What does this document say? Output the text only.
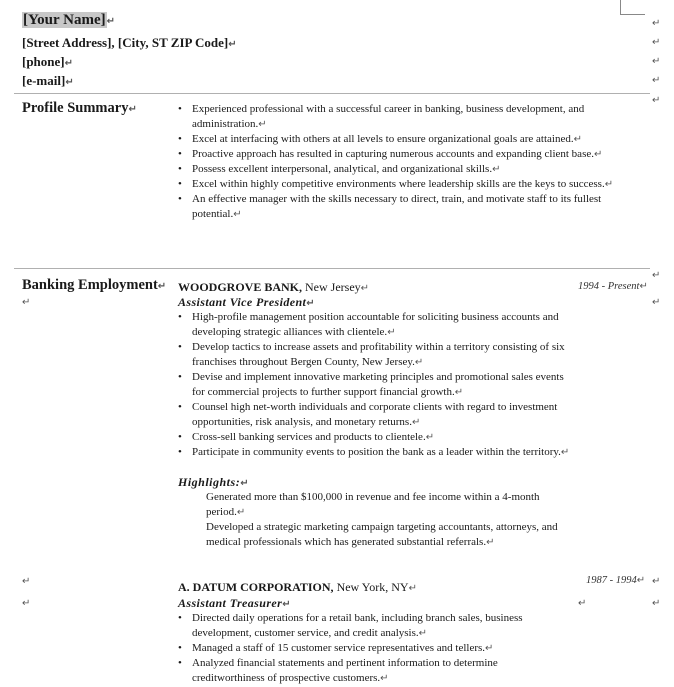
[Your Name]↵
[Street Address], [City, ST ZIP Code]↵
[phone]↵
[e-mail]↵
↵
↵
↵
↵
↵
Profile Summary↵
•	Experienced professional with a successful career in banking, business development, and administration.↵
• Excel at interfacing with others at all levels to ensure organizational goals are attained.↵
• Proactive approach has resulted in capturing numerous accounts and expanding client base.↵
• Possess excellent interpersonal, analytical, and organizational skills.↵
• Excel within highly competitive environments where leadership skills are the keys to success.↵
• An effective manager with the skills necessary to direct, train, and motivate staff to its fullest potential.↵
↵
Banking Employment↵
↵
WOODGROVE BANK, New Jersey↵	1994 - Present↵
↵
Assistant Vice President↵
• High-profile management position accountable for soliciting business accounts and developing strategic alliances with clientele.↵
• Develop tactics to increase assets and profitability within a territory consisting of six franchises throughout Bergen County, New Jersey.↵
• Devise and implement innovative marketing principles and promotional sales events for commercial projects to further support financial growth.↵
• Counsel high net-worth individuals and corporate clients with regard to investment opportunities, risk analysis, and monetary returns.↵
• Cross-sell banking services and products to clientele.↵
• Participate in community events to position the bank as a leader within the territory.↵
Highlights:↵
Generated more than $100,000 in revenue and fee income within a 4-month period.↵
Developed a strategic marketing campaign targeting accountants, attorneys, and medical professionals which has generated substantial referrals.↵
↵
↵	↵
↵
↵
A. DATUM CORPORATION, New York, NY↵
1987 - 1994↵
Assistant Treasurer↵
• Directed daily operations for a retail bank, including branch sales, business development, customer service, and credit analysis.↵
• Managed a staff of 15 customer service representatives and tellers.↵
• Analyzed financial statements and pertinent information to determine creditworthiness of prospective customers.↵
